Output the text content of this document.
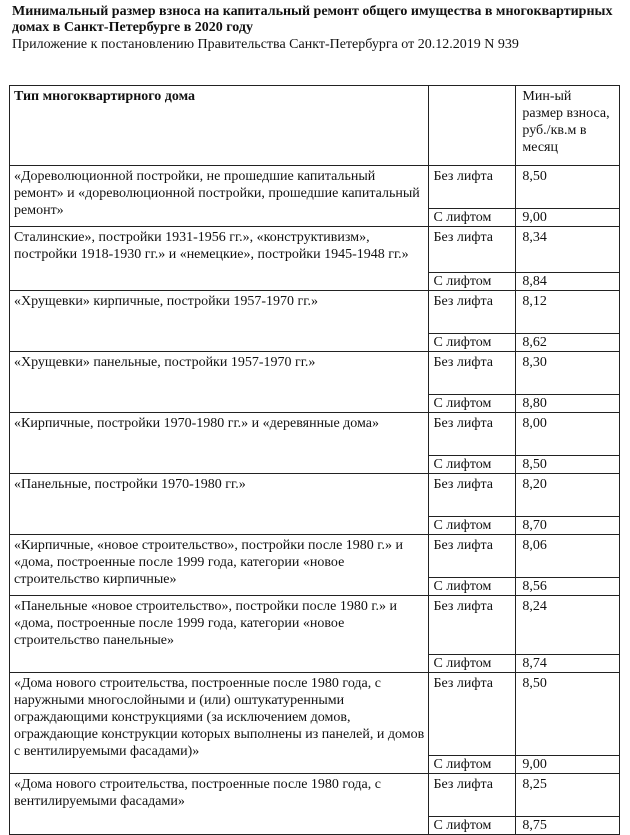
Минимальный размер взноса на капитальный ремонт общего имущества в многоквартирных домах в Санкт-Петербурге в 2020 году

Приложение к постановлению Правительства Санкт-Петербурга от 20.12.2019 N 939

Тип многоквартирного дома		Мин-ый размер взноса, руб./кв.м в месяц
«Дореволюционной постройки, не прошедшие капитальный ремонт» и «дореволюционной постройки, прошедшие капитальный ремонт»	Без лифта	8,50
	С лифтом	9,00
Сталинские», постройки 1931-1956 гг.», «конструктивизм», постройки 1918-1930 гг.» и «немецкие», постройки 1945-1948 гг.»	Без лифта	8,34
	С лифтом	8,84
«Хрущевки» кирпичные, постройки 1957-1970 гг.»	Без лифта	8,12
	С лифтом	8,62
«Хрущевки» панельные, постройки 1957-1970 гг.»	Без лифта	8,30
	С лифтом	8,80
«Кирпичные, постройки 1970-1980 гг.» и «деревянные дома»	Без лифта	8,00
	С лифтом	8,50
«Панельные, постройки 1970-1980 гг.»	Без лифта	8,20
	С лифтом	8,70
«Кирпичные, «новое строительство», постройки после 1980 г.» и «дома, построенные после 1999 года, категории «новое строительство кирпичные»	Без лифта	8,06
	С лифтом	8,56
«Панельные «новое строительство», постройки после 1980 г.» и «дома, построенные после 1999 года, категории «новое строительство панельные»	Без лифта	8,24
	С лифтом	8,74
«Дома нового строительства, построенные после 1980 года, с наружными многослойными и (или) оштукатуренными ограждающими конструкциями (за исключением домов, ограждающие конструкции которых выполнены из панелей, и домов с вентилируемыми фасадами)»	Без лифта	8,50
	С лифтом	9,00
«Дома нового строительства, построенные после 1980 года, с вентилируемыми фасадами»	Без лифта	8,25
	С лифтом	8,75
